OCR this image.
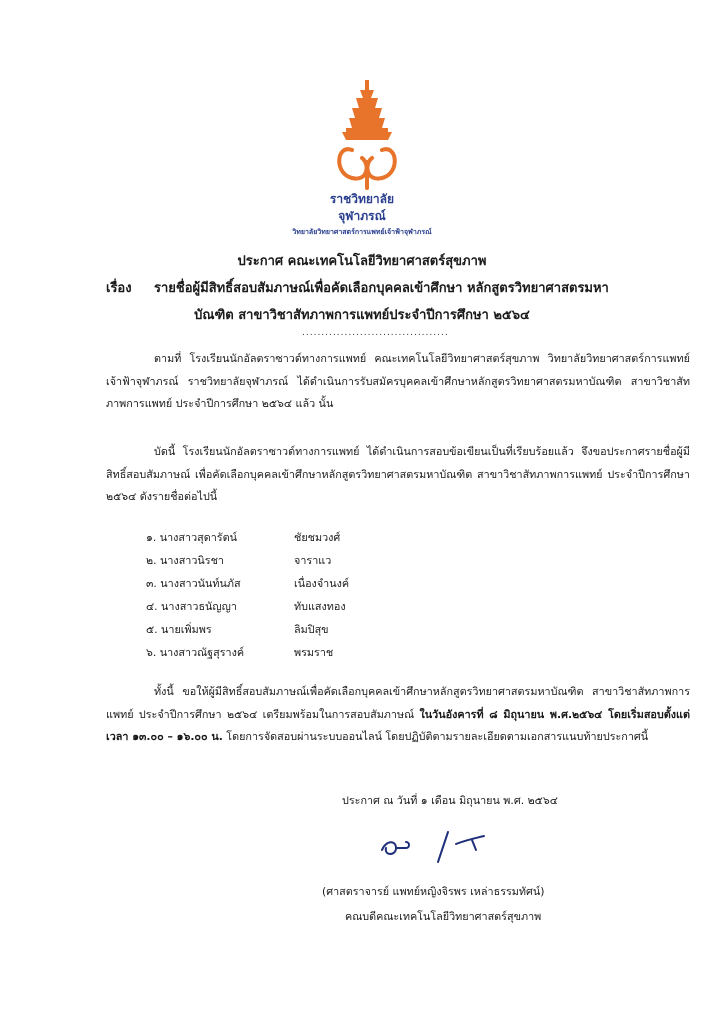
ราชวิทยาลัย
จุฬาภรณ์
วิทยาลัยวิทยาศาสตร์การแพทย์เจ้าฟ้าจุฬาภรณ์
ประกาศ คณะเทคโนโลยีวิทยาศาสตร์สุขภาพ
เรื่อง รายชื่อผู้มีสิทธิ์สอบสัมภาษณ์เพื่อคัดเลือกบุคคลเข้าศึกษา หลักสูตรวิทยาศาสตรมหา
บัณฑิต สาขาวิชาสัทภาพการแพทย์ประจำปีการศึกษา ๒๕๖๔
......................................
ตามที่ โรงเรียนนักอัลตราซาวด์ทางการแพทย์ คณะเทคโนโลยีวิทยาศาสตร์สุขภาพ วิทยาลัยวิทยาศาสตร์การแพทย์เจ้าฟ้าจุฬาภรณ์ ราชวิทยาลัยจุฬาภรณ์ ได้ดำเนินการรับสมัครบุคคลเข้าศึกษาหลักสูตรวิทยาศาสตรมหาบัณฑิต สาขาวิชาสัทภาพการแพทย์ ประจำปีการศึกษา ๒๕๖๔ แล้ว นั้น
บัดนี้ โรงเรียนนักอัลตราซาวด์ทางการแพทย์ ได้ดำเนินการสอบข้อเขียนเป็นที่เรียบร้อยแล้ว จึงขอประกาศรายชื่อผู้มีสิทธิ์สอบสัมภาษณ์ เพื่อคัดเลือกบุคคลเข้าศึกษาหลักสูตรวิทยาศาสตรมหาบัณฑิต สาขาวิชาสัทภาพการแพทย์ ประจำปีการศึกษา ๒๕๖๔ ดังรายชื่อต่อไปนี้
๑. นางสาวสุดารัตน์	ชัยชมวงศ์
๒. นางสาวนิรชา	จาราแว
๓. นางสาวนันท์นภัส	เนื่องจำนงค์
๔. นางสาวธนัญญา	ทับแสงทอง
๕. นายเพิ่มพร	ลิมปิสุข
๖. นางสาวณัฐสุรางค์	พรมราช
ทั้งนี้ ขอให้ผู้มีสิทธิ์สอบสัมภาษณ์เพื่อคัดเลือกบุคคลเข้าศึกษาหลักสูตรวิทยาศาสตรมหาบัณฑิต สาขาวิชาสัทภาพการแพทย์ ประจำปีการศึกษา ๒๕๖๔ เตรียมพร้อมในการสอบสัมภาษณ์ ในวันอังคารที่ ๘ มิถุนายน พ.ศ.๒๕๖๔ โดยเริ่มสอบตั้งแต่เวลา ๑๓.๐๐ – ๑๖.๐๐ น. โดยการจัดสอบผ่านระบบออนไลน์ โดยปฏิบัติตามรายละเอียดตามเอกสารแนบท้ายประกาศนี้
ประกาศ ณ วันที่ ๑ เดือน มิถุนายน พ.ศ. ๒๕๖๔
(ศาสตราจารย์ แพทย์หญิงจิรพร เหล่าธรรมทัศน์)
คณบดีคณะเทคโนโลยีวิทยาศาสตร์สุขภาพ
